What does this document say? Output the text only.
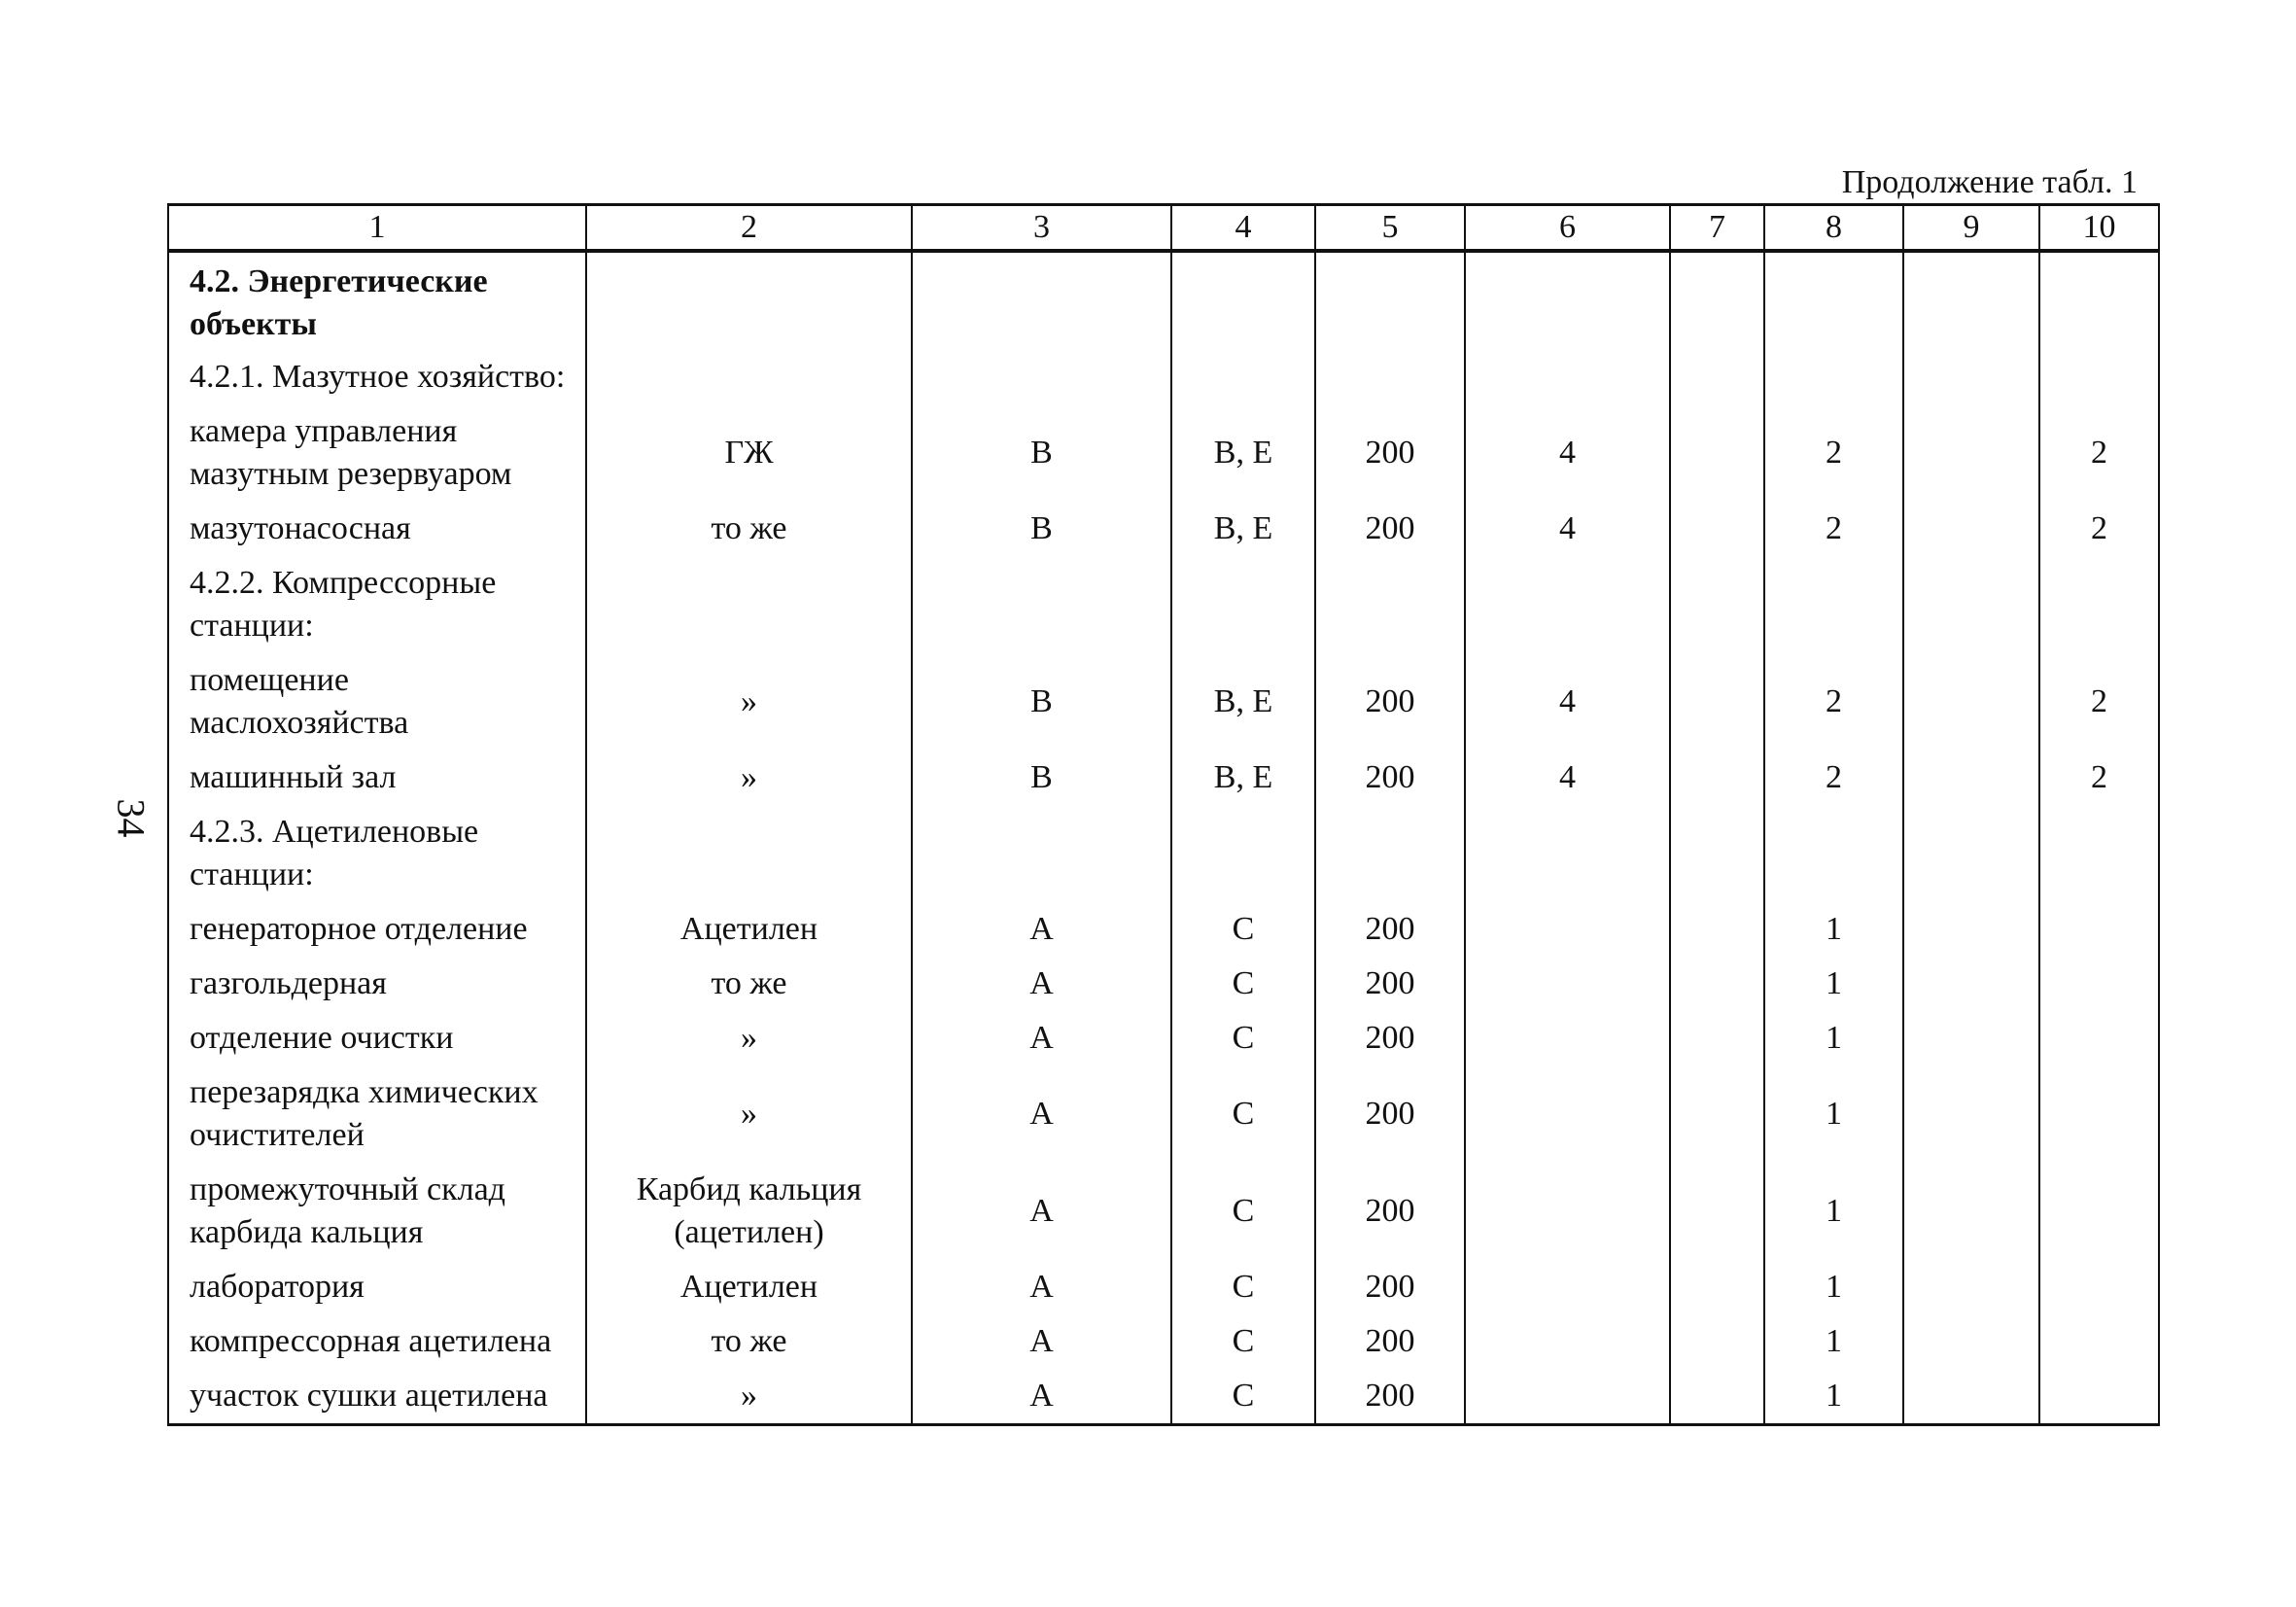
Продолжение табл. 1
34
1	2	3	4	5	6	7	8	9	10
4.2. Энергетические объекты									
4.2.1. Мазутное хозяйство:									
камера управления мазутным резервуаром	ГЖ	В	В, Е	200	4		2		2
мазутонасосная	то же	В	В, Е	200	4		2		2
4.2.2. Компрессорные станции:									
помещение маслохозяйства	»	В	В, Е	200	4		2		2
машинный зал	»	В	В, Е	200	4		2		2
4.2.3. Ацетиленовые станции:									
генераторное отделение	Ацетилен	А	С	200			1		
газгольдерная	то же	А	С	200			1		
отделение очистки	»	А	С	200			1		
перезарядка химических очистителей	»	А	С	200			1		
промежуточный склад карбида кальция	Карбид кальция (ацетилен)	А	С	200			1		
лаборатория	Ацетилен	А	С	200			1		
компрессорная ацетилена	то же	А	С	200			1		
участок сушки ацетилена	»	А	С	200			1		
